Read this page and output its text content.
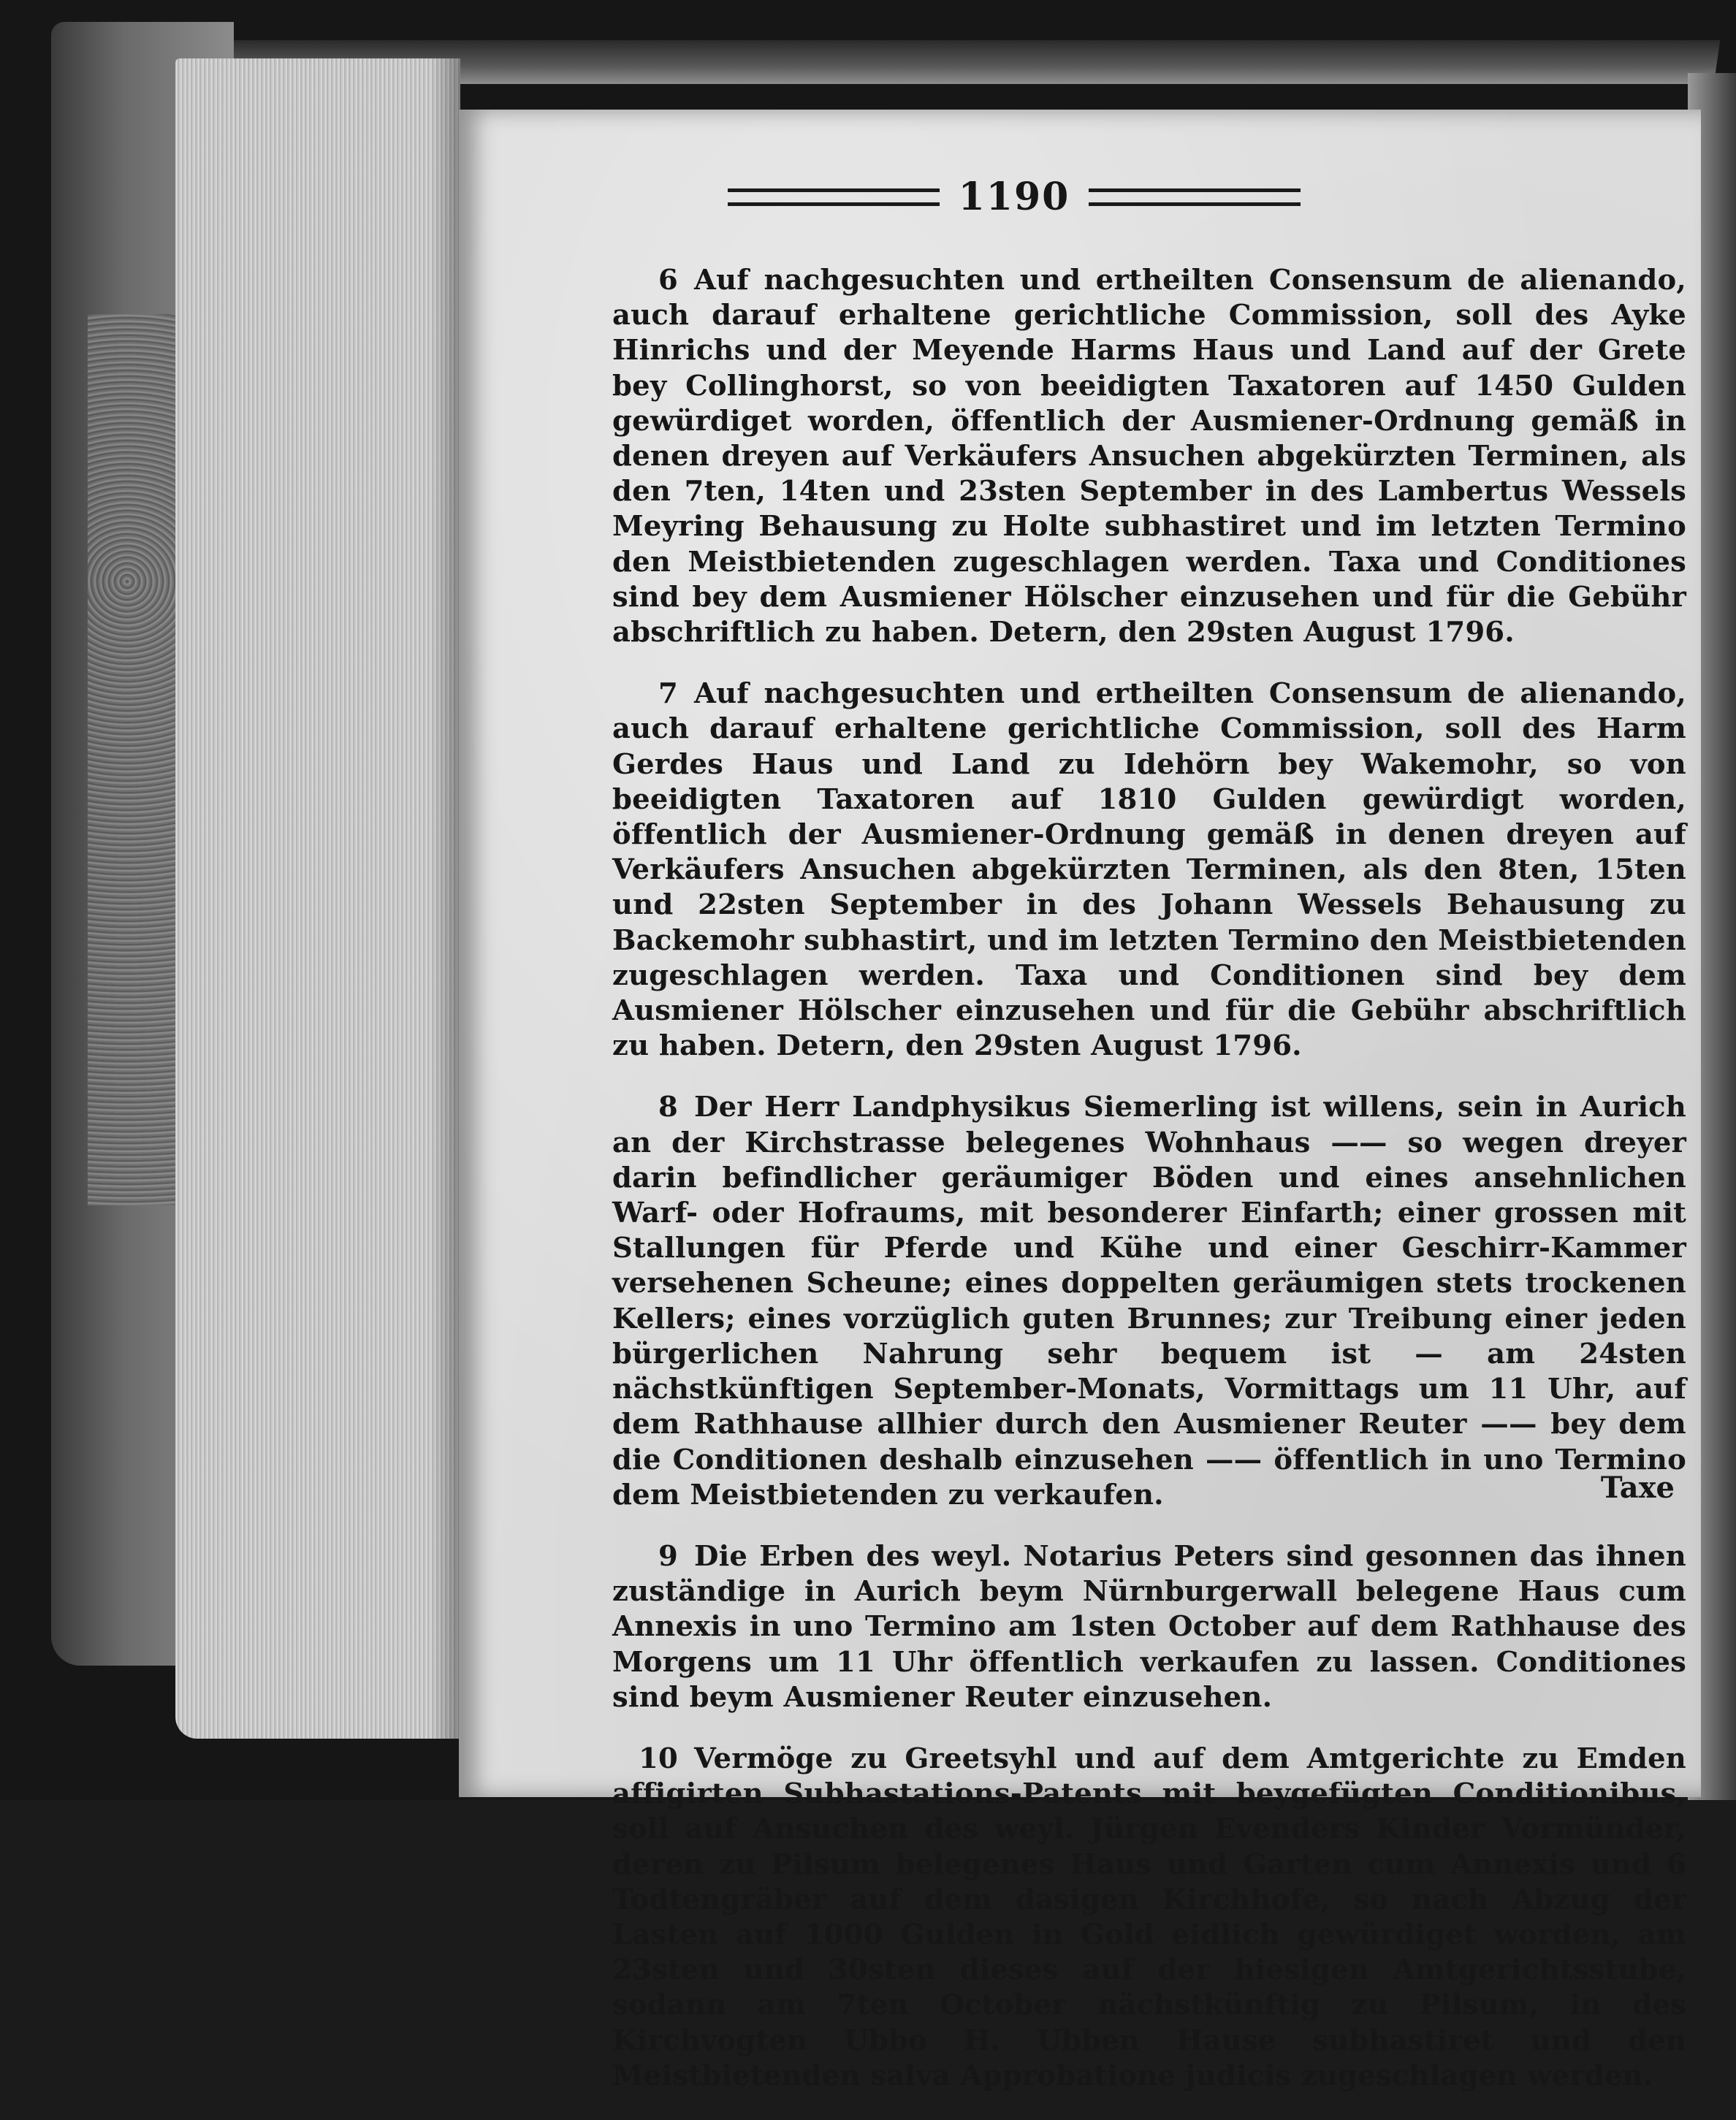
1190

6 Auf nachgesuchten und ertheilten Consensum de alienando, auch darauf erhaltene gerichtliche Commission, soll des Ayke Hinrichs und der Meyende Harms Haus und Land auf der Grete bey Collinghorst, so von beeidigten Taxatoren auf 1450 Gulden gewürdiget worden, öffentlich der Ausmiener-Ordnung gemäß in denen dreyen auf Verkäufers Ansuchen abgekürzten Terminen, als den 7ten, 14ten und 23sten September in des Lambertus Wessels Meyring Behausung zu Holte subhastiret und im letzten Termino den Meistbietenden zugeschlagen werden. Taxa und Conditiones sind bey dem Ausmiener Hölscher einzusehen und für die Gebühr abschriftlich zu haben. Detern, den 29sten August 1796.

7 Auf nachgesuchten und ertheilten Consensum de alienando, auch darauf erhaltene gerichtliche Commission, soll des Harm Gerdes Haus und Land zu Idehörn bey Wakemohr, so von beeidigten Taxatoren auf 1810 Gulden gewürdigt worden, öffentlich der Ausmiener-Ordnung gemäß in denen dreyen auf Verkäufers Ansuchen abgekürzten Terminen, als den 8ten, 15ten und 22sten September in des Johann Wessels Behausung zu Backemohr subhastirt, und im letzten Termino den Meistbietenden zugeschlagen werden. Taxa und Conditionen sind bey dem Ausmiener Hölscher einzusehen und für die Gebühr abschriftlich zu haben. Detern, den 29sten August 1796.

8 Der Herr Landphysikus Siemerling ist willens, sein in Aurich an der Kirchstrasse belegenes Wohnhaus —— so wegen dreyer darin befindlicher geräumiger Böden und eines ansehnlichen Warf- oder Hofraums, mit besonderer Einfarth; einer grossen mit Stallungen für Pferde und Kühe und einer Geschirr-Kammer versehenen Scheune; eines doppelten geräumigen stets trockenen Kellers; eines vorzüglich guten Brunnes; zur Treibung einer jeden bürgerlichen Nahrung sehr bequem ist — am 24sten nächstkünftigen September-Monats, Vormittags um 11 Uhr, auf dem Rathhause allhier durch den Ausmiener Reuter —— bey dem die Conditionen deshalb einzusehen —— öffentlich in uno Termino dem Meistbietenden zu verkaufen.

9 Die Erben des weyl. Notarius Peters sind gesonnen das ihnen zuständige in Aurich beym Nürnburgerwall belegene Haus cum Annexis in uno Termino am 1sten October auf dem Rathhause des Morgens um 11 Uhr öffentlich verkaufen zu lassen. Conditiones sind beym Ausmiener Reuter einzusehen.

10 Vermöge zu Greetsyhl und auf dem Amtgerichte zu Emden affigirten Subhastations-Patents mit beygefügten Conditionibus, soll auf Ansuchen des weyl. Jürgen Evenders Kinder Vormünder, deren zu Pilsum belegenes Haus und Garten cum Annexis und 6 Todtengräber auf dem dasigen Kirchhofe, so nach Abzug der Lasten auf 1000 Gulden in Gold eidlich gewürdiget worden, am 23sten und 30sten dieses auf der hiesigen Amtgerichtsstube, sodann am 7ten October nächstkünftig zu Pilsum, in des Kirchvogten Ubbo H. Ubben Hause subhastiret und den Meistbietenden salva Approbatione judicis zugeschlagen werden.

Taxe
